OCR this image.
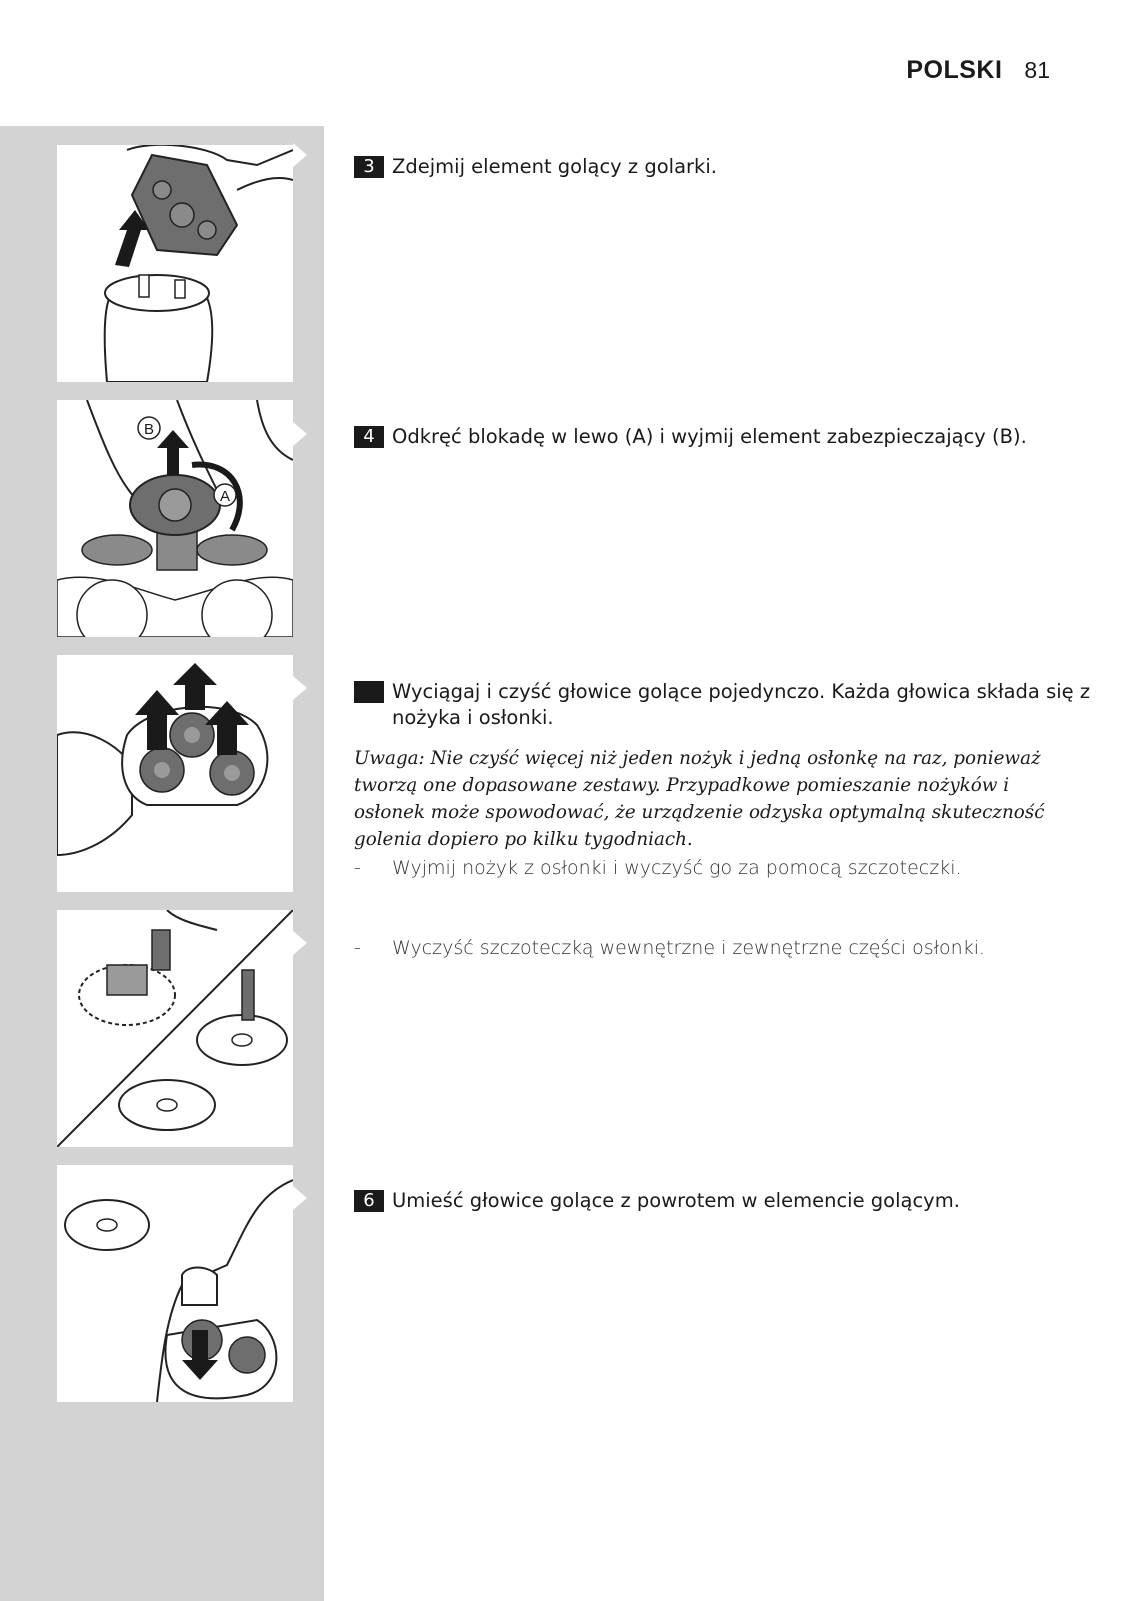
POLSKI 81
B
A
3 Zdejmij element golący z golarki.
4 Odkręć blokadę w lewo (A) i wyjmij element zabezpieczający (B).
5 Wyciągaj i czyść głowice golące pojedynczo. Każda głowica składa się z nożyka i osłonki.
Uwaga: Nie czyść więcej niż jeden nożyk i jedną osłonkę na raz, ponieważ tworzą one dopasowane zestawy. Przypadkowe pomieszanie nożyków i osłonek może spowodować, że urządzenie odzyska optymalną skuteczność golenia dopiero po kilku tygodniach.
-	Wyjmij nożyk z osłonki i wyczyść go za pomocą szczoteczki.
-	Wyczyść szczoteczką wewnętrzne i zewnętrzne części osłonki.
6 Umieść głowice golące z powrotem w elemencie golącym.
